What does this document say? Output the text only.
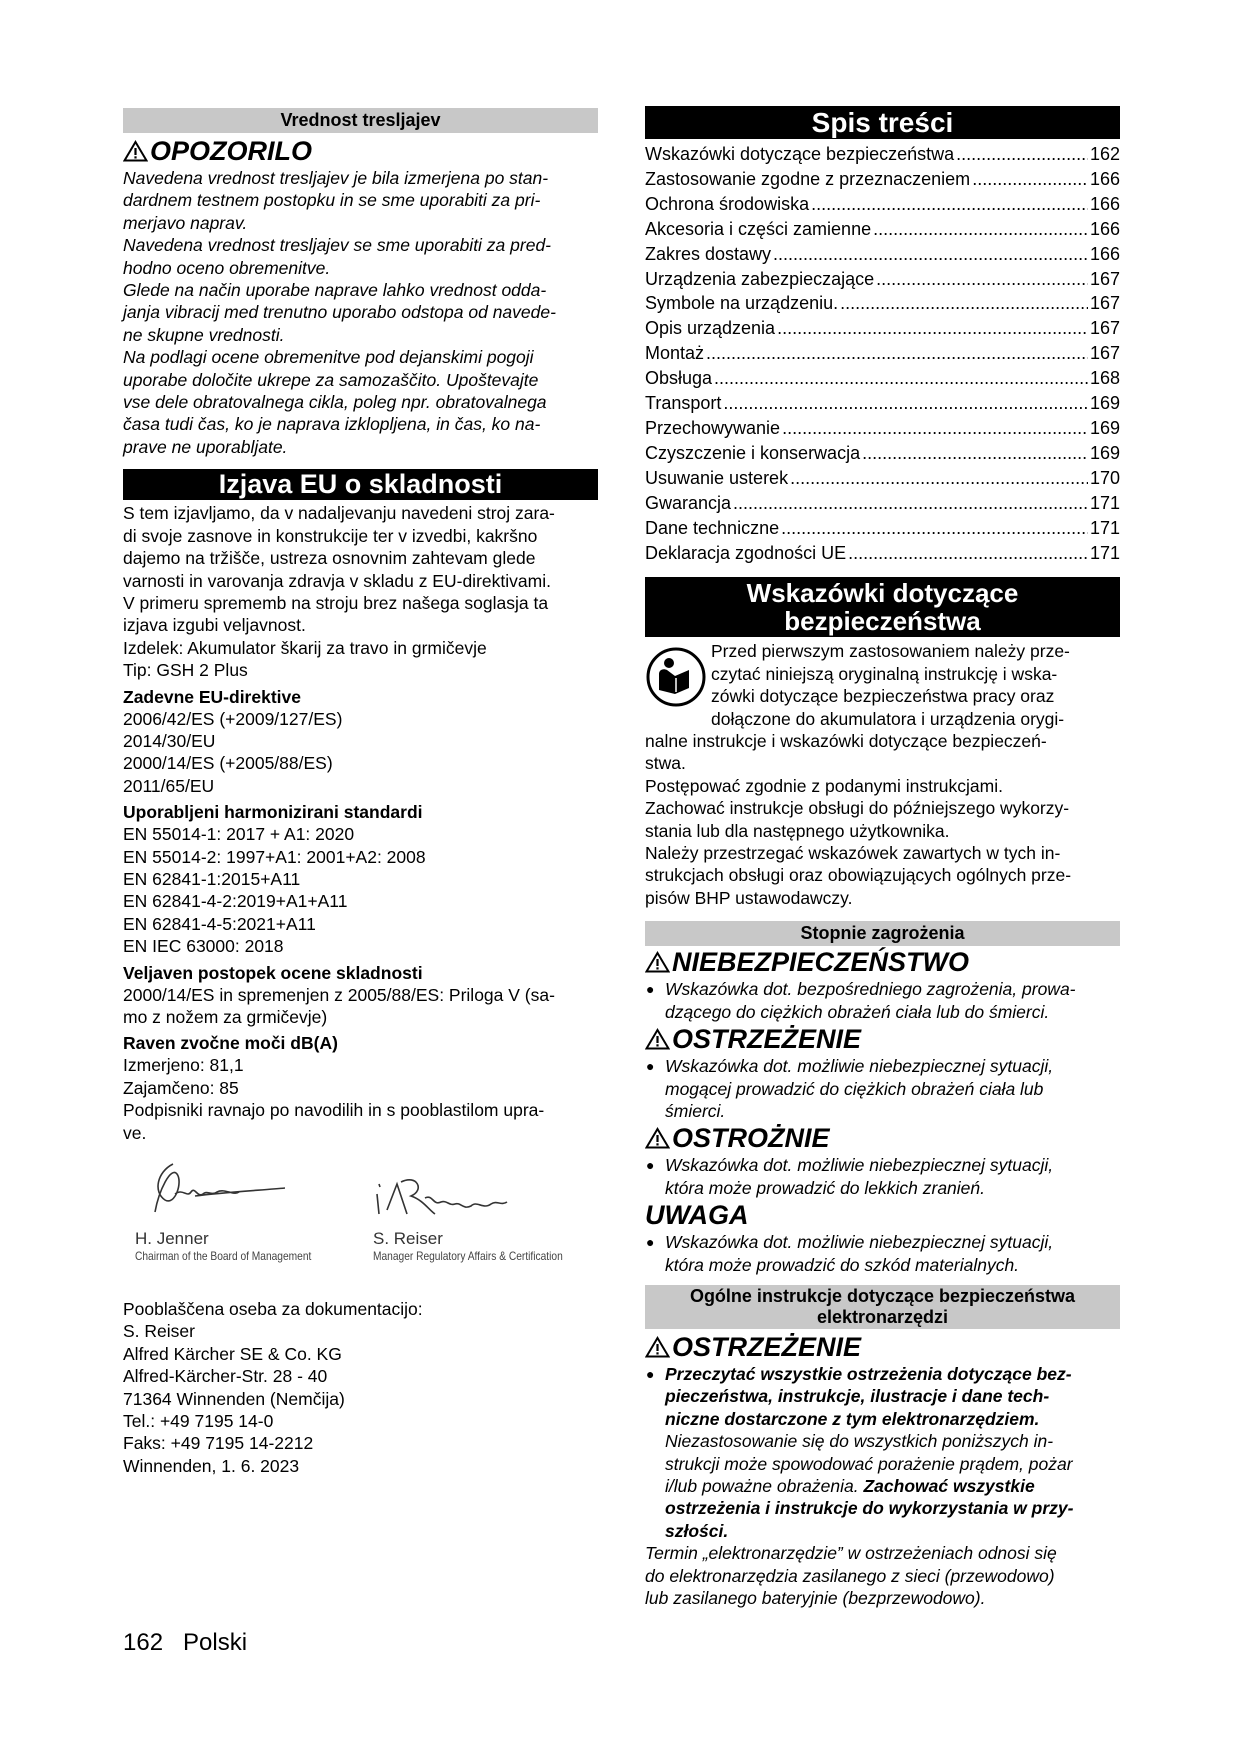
Vrednost tresljajev
OPOZORILO

Navedena vrednost tresljajev je bila izmerjena po stan-

dardnem testnem postopku in se sme uporabiti za pri-

merjavo naprav.

Navedena vrednost tresljajev se sme uporabiti za pred-

hodno oceno obremenitve.

Glede na način uporabe naprave lahko vrednost odda-

janja vibracij med trenutno uporabo odstopa od navede-

ne skupne vrednosti.

Na podlagi ocene obremenitve pod dejanskimi pogoji

uporabe določite ukrepe za samozaščito. Upoštevajte

vse dele obratovalnega cikla, poleg npr. obratovalnega

časa tudi čas, ko je naprava izklopljena, in čas, ko na-

prave ne uporabljate.

Izjava EU o skladnosti

S tem izjavljamo, da v nadaljevanju navedeni stroj zara-

di svoje zasnove in konstrukcije ter v izvedbi, kakršno

dajemo na tržišče, ustreza osnovnim zahtevam glede

varnosti in varovanja zdravja v skladu z EU-direktivami.

V primeru sprememb na stroju brez našega soglasja ta

izjava izgubi veljavnost.

Izdelek: Akumulator škarij za travo in grmičevje

Tip: GSH 2 Plus

Zadevne EU-direktive

2006/42/ES (+2009/127/ES)

2014/30/EU

2000/14/ES (+2005/88/ES)

2011/65/EU

Uporabljeni harmonizirani standardi

EN 55014-1: 2017 + A1: 2020

EN 55014-2: 1997+A1: 2001+A2: 2008

EN 62841-1:2015+A11

EN 62841-4-2:2019+A1+A11

EN 62841-4-5:2021+A11

EN IEC 63000: 2018

Veljaven postopek ocene skladnosti

2000/14/ES in spremenjen z 2005/88/ES: Priloga V (sa-

mo z nožem za grmičevje)

Raven zvočne moči dB(A)

Izmerjeno: 81,1

Zajamčeno: 85

Podpisniki ravnajo po navodilih in s pooblastilom upra-

ve.

H. Jenner
Chairman of the Board of Management
S. Reiser
Manager Regulatory Affairs & Certification

Pooblaščena oseba za dokumentacijo:

S. Reiser

Alfred Kärcher SE & Co. KG

Alfred-Kärcher-Str. 28 - 40

71364 Winnenden (Nemčija)

Tel.: +49 7195 14-0

Faks: +49 7195 14-2212

Winnenden, 1. 6. 2023

Spis treści
Wskazówki dotyczące bezpieczeństwa .....	162
Zastosowanie zgodne z przeznaczeniem .....	166
Ochrona środowiska .....	166
Akcesoria i części zamienne .....	166
Zakres dostawy .....	166
Urządzenia zabezpieczające .....	167
Symbole na urządzeniu. .....	167
Opis urządzenia .....	167
Montaż .....	167
Obsługa .....	168
Transport .....	169
Przechowywanie .....	169
Czyszczenie i konserwacja .....	169
Usuwanie usterek .....	170
Gwarancja .....	171
Dane techniczne .....	171
Deklaracja zgodności UE .....	171
Wskazówki dotyczące
bezpieczeństwa

Przed pierwszym zastosowaniem należy prze-

czytać niniejszą oryginalną instrukcję i wska-

zówki dotyczące bezpieczeństwa pracy oraz

dołączone do akumulatora i urządzenia orygi-

nalne instrukcje i wskazówki dotyczące bezpieczeń-

stwa.

Postępować zgodnie z podanymi instrukcjami.

Zachować instrukcje obsługi do późniejszego wykorzy-

stania lub dla następnego użytkownika.

Należy przestrzegać wskazówek zawartych w tych in-

strukcjach obsługi oraz obowiązujących ogólnych prze-

pisów BHP ustawodawczy.

Stopnie zagrożenia
NIEBEZPIECZEŃSTWO
● Wskazówka dot. bezpośredniego zagrożenia, prowa-

dzącego do ciężkich obrażeń ciała lub do śmierci.

OSTRZEŻENIE
● Wskazówka dot. możliwie niebezpiecznej sytuacji,

mogącej prowadzić do ciężkich obrażeń ciała lub

śmierci.

OSTROŻNIE
● Wskazówka dot. możliwie niebezpiecznej sytuacji,

która może prowadzić do lekkich zranień.

UWAGA
● Wskazówka dot. możliwie niebezpiecznej sytuacji,

która może prowadzić do szkód materialnych.

Ogólne instrukcje dotyczące bezpieczeństwa
elektronarzędzi
OSTRZEŻENIE
● Przeczytać wszystkie ostrzeżenia dotyczące bez-

pieczeństwa, instrukcje, ilustracje i dane tech-

niczne dostarczone z tym elektronarzędziem.

Niezastosowanie się do wszystkich poniższych in-

strukcji może spowodować porażenie prądem, pożar

i/lub poważne obrażenia. Zachować wszystkie

ostrzeżenia i instrukcje do wykorzystania w przy-

szłości.

Termin „elektronarzędzie” w ostrzeżeniach odnosi się

do elektronarzędzia zasilanego z sieci (przewodowo)

lub zasilanego bateryjnie (bezprzewodowo).

162 Polski
